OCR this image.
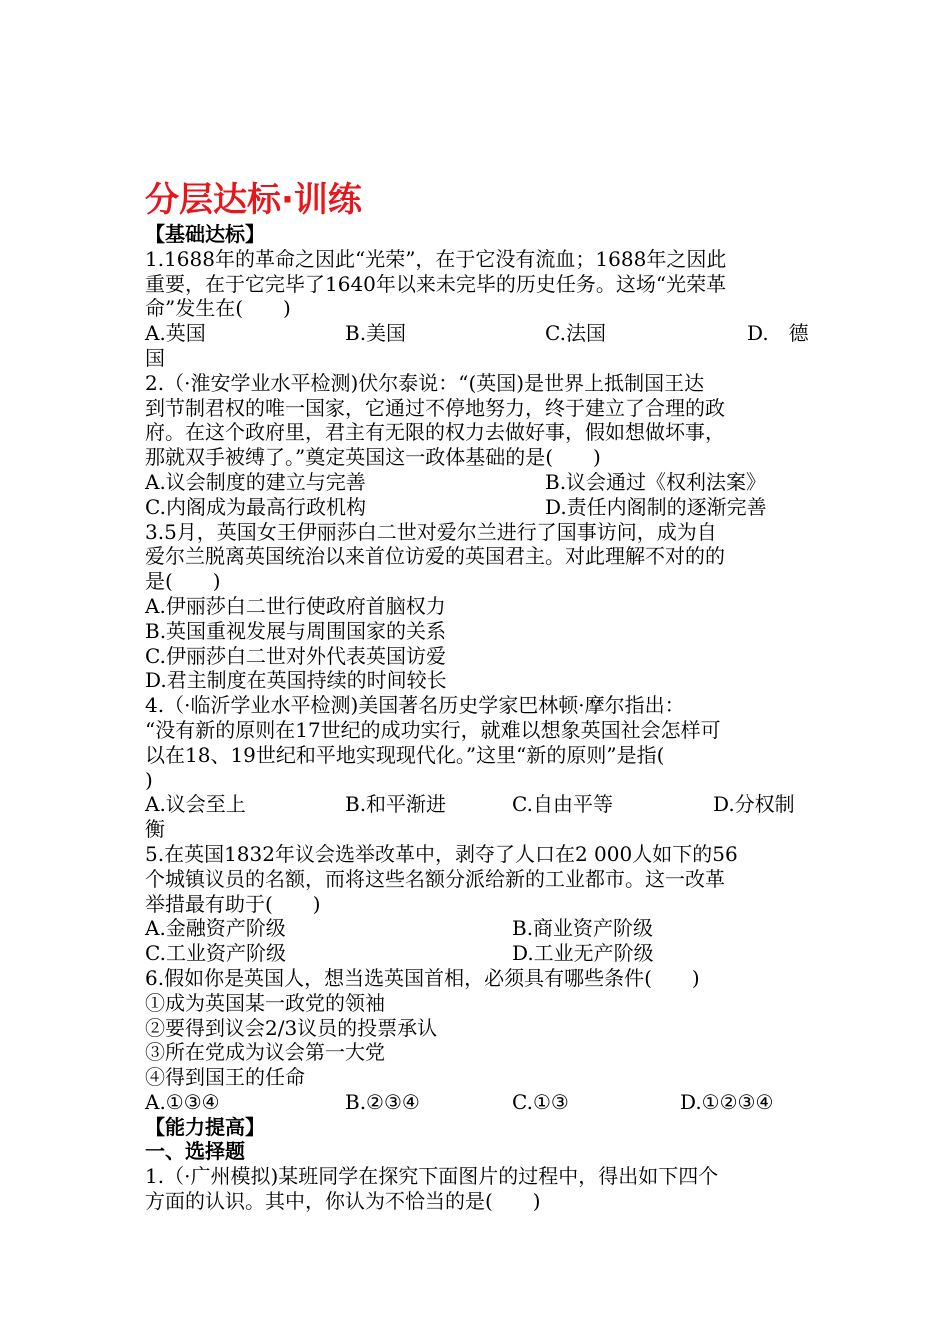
分层达标·训练
【基础达标】
1.1688年的革命之因此“光荣”，在于它没有流血；1688年之因此
重要，在于它完毕了1640年以来未完毕的历史任务。这场“光荣革
命”发生在(　　)
A.英国	B.美国	C.法国	D.　德
国
2.（·淮安学业水平检测)伏尔泰说：“(英国)是世界上抵制国王达
到节制君权的唯一国家，它通过不停地努力，终于建立了合理的政
府。在这个政府里，君主有无限的权力去做好事，假如想做坏事，
那就双手被缚了。”奠定英国这一政体基础的是(　　)
A.议会制度的建立与完善	B.议会通过《权利法案》
C.内阁成为最高行政机构	D.责任内阁制的逐渐完善
3.5月，英国女王伊丽莎白二世对爱尔兰进行了国事访问，成为自
爱尔兰脱离英国统治以来首位访爱的英国君主。对此理解不对的的
是(　　)
A.伊丽莎白二世行使政府首脑权力
B.英国重视发展与周围国家的关系
C.伊丽莎白二世对外代表英国访爱
D.君主制度在英国持续的时间较长
4.（·临沂学业水平检测)美国著名历史学家巴林顿·摩尔指出：
“没有新的原则在17世纪的成功实行，就难以想象英国社会怎样可
以在18、19世纪和平地实现现代化。”这里“新的原则”是指(
)
A.议会至上	B.和平渐进	C.自由平等	D.分权制
衡
5.在英国1832年议会选举改革中，剥夺了人口在2 000人如下的56
个城镇议员的名额，而将这些名额分派给新的工业都市。这一改革
举措最有助于(　　)
A.金融资产阶级	B.商业资产阶级
C.工业资产阶级	D.工业无产阶级
6.假如你是英国人，想当选英国首相，必须具有哪些条件(　　)
①成为英国某一政党的领袖
②要得到议会2/3议员的投票承认
③所在党成为议会第一大党
④得到国王的任命
A.①③④	B.②③④	C.①③	D.①②③④
【能力提高】
一、选择题
1.（·广州模拟)某班同学在探究下面图片的过程中，得出如下四个
方面的认识。其中，你认为不恰当的是(　　)
